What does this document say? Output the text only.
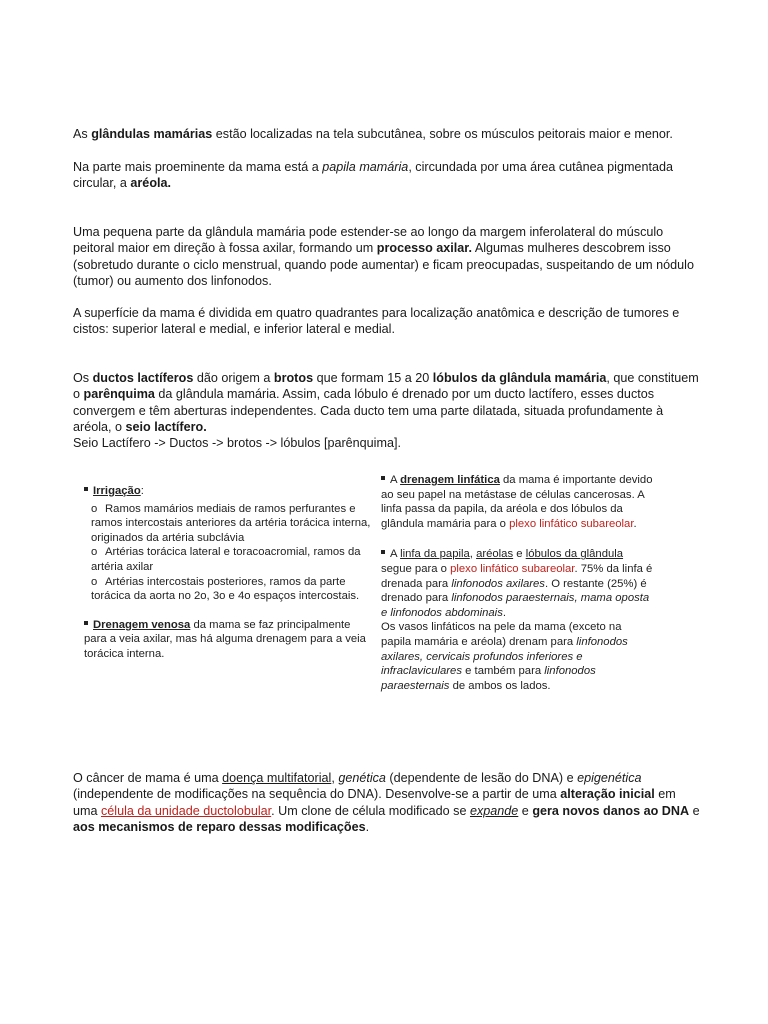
As glândulas mamárias estão localizadas na tela subcutânea, sobre os músculos peitorais maior e menor.

Na parte mais proeminente da mama está a papila mamária, circundada por uma área cutânea pigmentada circular, a aréola.

Uma pequena parte da glândula mamária pode estender-se ao longo da margem inferolateral do músculo peitoral maior em direção à fossa axilar, formando um processo axilar. Algumas mulheres descobrem isso (sobretudo durante o ciclo menstrual, quando pode aumentar) e ficam preocupadas, suspeitando de um nódulo (tumor) ou aumento dos linfonodos.

A superfície da mama é dividida em quatro quadrantes para localização anatômica e descrição de tumores e cistos: superior lateral e medial, e inferior lateral e medial.

Os ductos lactíferos dão origem a brotos que formam 15 a 20 lóbulos da glândula mamária, que constituem o parênquima da glândula mamária. Assim, cada lóbulo é drenado por um ducto lactífero, esses ductos convergem e têm aberturas independentes. Cada ducto tem uma parte dilatada, situada profundamente à aréola, o seio lactífero.
Seio Lactífero -> Ductos -> brotos -> lóbulos [parênquima].

Irrigação:

o Ramos mamários mediais de ramos perfurantes e ramos intercostais anteriores da artéria torácica interna, originados da artéria subclávia

o Artérias torácica lateral e toracoacromial, ramos da artéria axilar

o Artérias intercostais posteriores, ramos da parte torácica da aorta no 2o, 3o e 4o espaços intercostais.

Drenagem venosa da mama se faz principalmente para a veia axilar, mas há alguma drenagem para a veia torácica interna.

A drenagem linfática da mama é importante devido ao seu papel na metástase de células cancerosas. A linfa passa da papila, da aréola e dos lóbulos da glândula mamária para o plexo linfático subareolar.

A linfa da papila, aréolas e lóbulos da glândula segue para o plexo linfático subareolar. 75% da linfa é drenada para linfonodos axilares. O restante (25%) é drenado para linfonodos paraesternais, mama oposta e linfonodos abdominais.

Os vasos linfáticos na pele da mama (exceto na papila mamária e aréola) drenam para linfonodos axilares, cervicais profundos inferiores e infraclaviculares e também para linfonodos paraesternais de ambos os lados.

O câncer de mama é uma doença multifatorial, genética (dependente de lesão do DNA) e epigenética (independente de modificações na sequência do DNA). Desenvolve-se a partir de uma alteração inicial em uma célula da unidade ductolobular. Um clone de célula modificado se expande e gera novos danos ao DNA e aos mecanismos de reparo dessas modificações.
